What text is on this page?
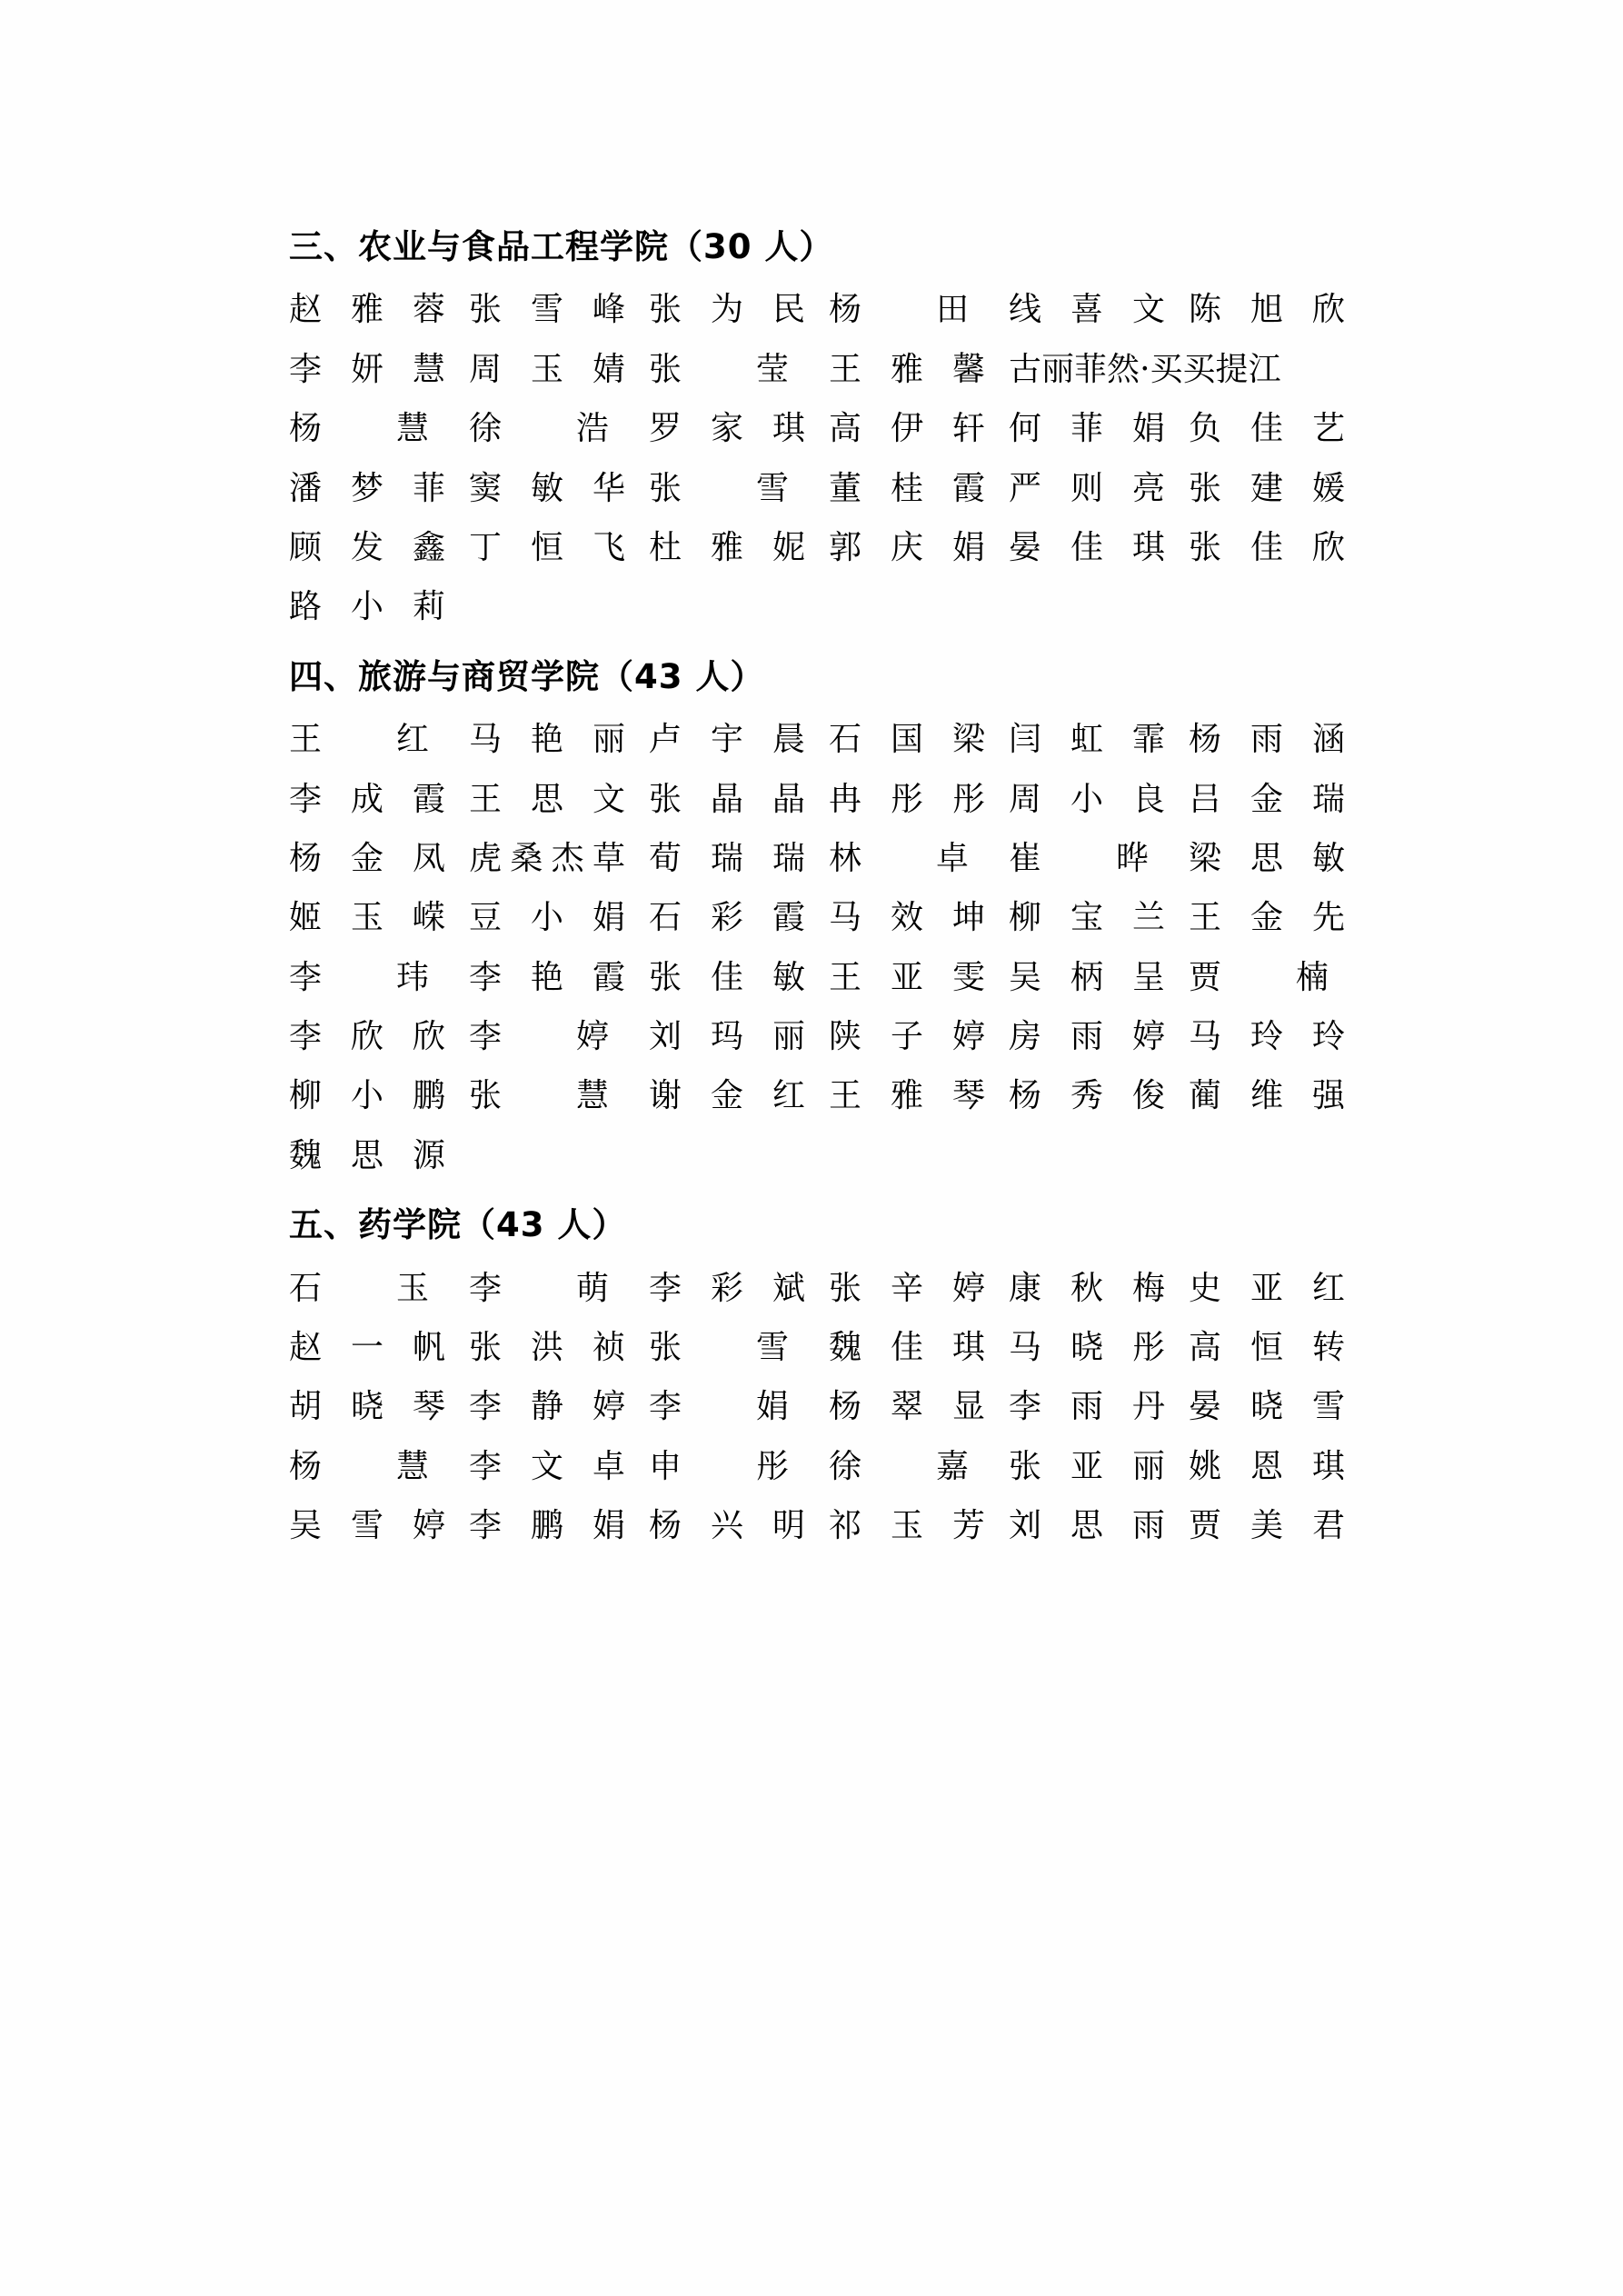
三、农业与食品工程学院（30 人）
赵 雅 蓉 张 雪 峰 张 为 民 杨 田 线 喜 文 陈 旭 欣
李 妍 慧 周 玉 婧 张 莹 王 雅 馨 古 丽 菲 然 · 买 买 提 江
杨 慧 徐 浩 罗 家 琪 高 伊 轩 何 菲 娟 负 佳 艺
潘 梦 菲 窦 敏 华 张 雪 董 桂 霞 严 则 亮 张 建 媛
顾 发 鑫 丁 恒 飞 杜 雅 妮 郭 庆 娟 晏 佳 琪 张 佳 欣
路 小 莉
四、旅游与商贸学院（43 人）
王 红 马 艳 丽 卢 宇 晨 石 国 梁 闫 虹 霏 杨 雨 涵
李 成 霞 王 思 文 张 晶 晶 冉 彤 彤 周 小 良 吕 金 瑞
杨 金 凤 虎 桑 杰 草 荀 瑞 瑞 林 卓 崔 晔 梁 思 敏
姬 玉 嵘 豆 小 娟 石 彩 霞 马 效 坤 柳 宝 兰 王 金 先
李 玮 李 艳 霞 张 佳 敏 王 亚 雯 吴 柄 呈 贾 楠
李 欣 欣 李 婷 刘 玛 丽 陕 子 婷 房 雨 婷 马 玲 玲
柳 小 鹏 张 慧 谢 金 红 王 雅 琴 杨 秀 俊 蔺 维 强
魏 思 源
五、药学院（43 人）
石 玉 李 萌 李 彩 斌 张 辛 婷 康 秋 梅 史 亚 红
赵 一 帆 张 洪 祯 张 雪 魏 佳 琪 马 晓 彤 高 恒 转
胡 晓 琴 李 静 婷 李 娟 杨 翠 显 李 雨 丹 晏 晓 雪
杨 慧 李 文 卓 申 彤 徐 嘉 张 亚 丽 姚 恩 琪
吴 雪 婷 李 鹏 娟 杨 兴 明 祁 玉 芳 刘 思 雨 贾 美 君
